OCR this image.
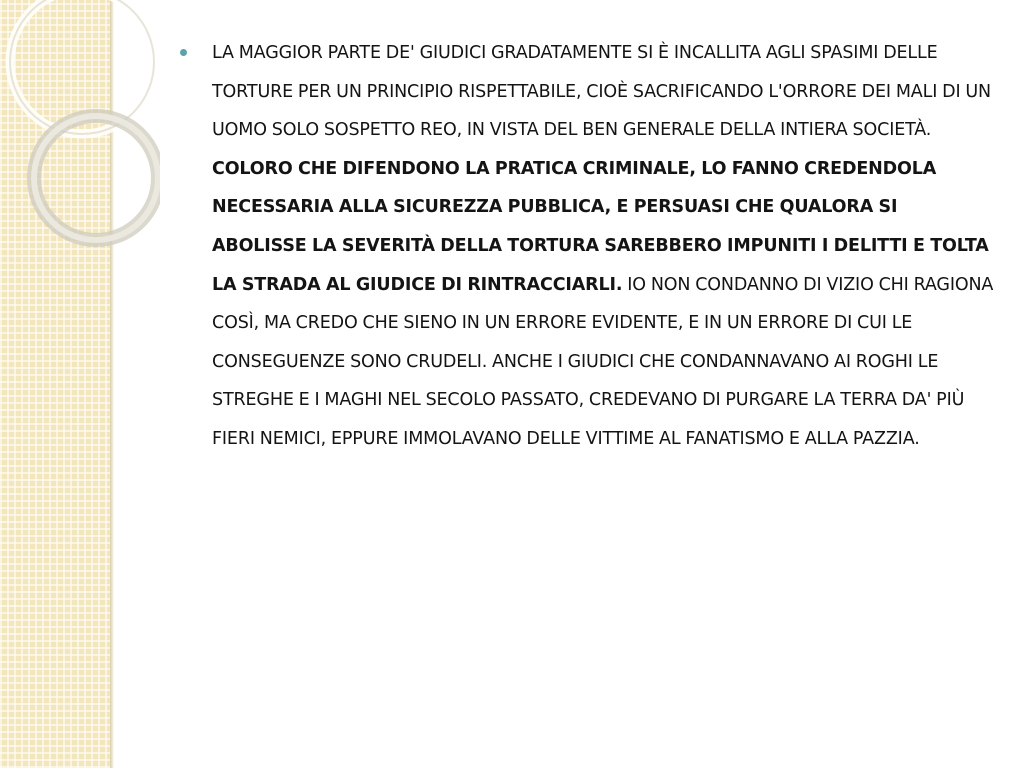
LA MAGGIOR PARTE DE' GIUDICI GRADATAMENTE SI È INCALLITA AGLI SPASIMI DELLE TORTURE PER UN PRINCIPIO RISPETTABILE, CIOÈ SACRIFICANDO L'ORRORE DEI MALI DI UN UOMO SOLO SOSPETTO REO, IN VISTA DEL BEN GENERALE DELLA INTIERA SOCIETÀ. COLORO CHE DIFENDONO LA PRATICA CRIMINALE, LO FANNO CREDENDOLA NECESSARIA ALLA SICUREZZA PUBBLICA, E PERSUASI CHE QUALORA SI ABOLISSE LA SEVERITÀ DELLA TORTURA SAREBBERO IMPUNITI I DELITTI E TOLTA LA STRADA AL GIUDICE DI RINTRACCIARLI. IO NON CONDANNO DI VIZIO CHI RAGIONA COSÌ, MA CREDO CHE SIENO IN UN ERRORE EVIDENTE, E IN UN ERRORE DI CUI LE CONSEGUENZE SONO CRUDELI. ANCHE I GIUDICI CHE CONDANNAVANO AI ROGHI LE STREGHE E I MAGHI NEL SECOLO PASSATO, CREDEVANO DI PURGARE LA TERRA DA' PIÙ FIERI NEMICI, EPPURE IMMOLAVANO DELLE VITTIME AL FANATISMO E ALLA PAZZIA.
